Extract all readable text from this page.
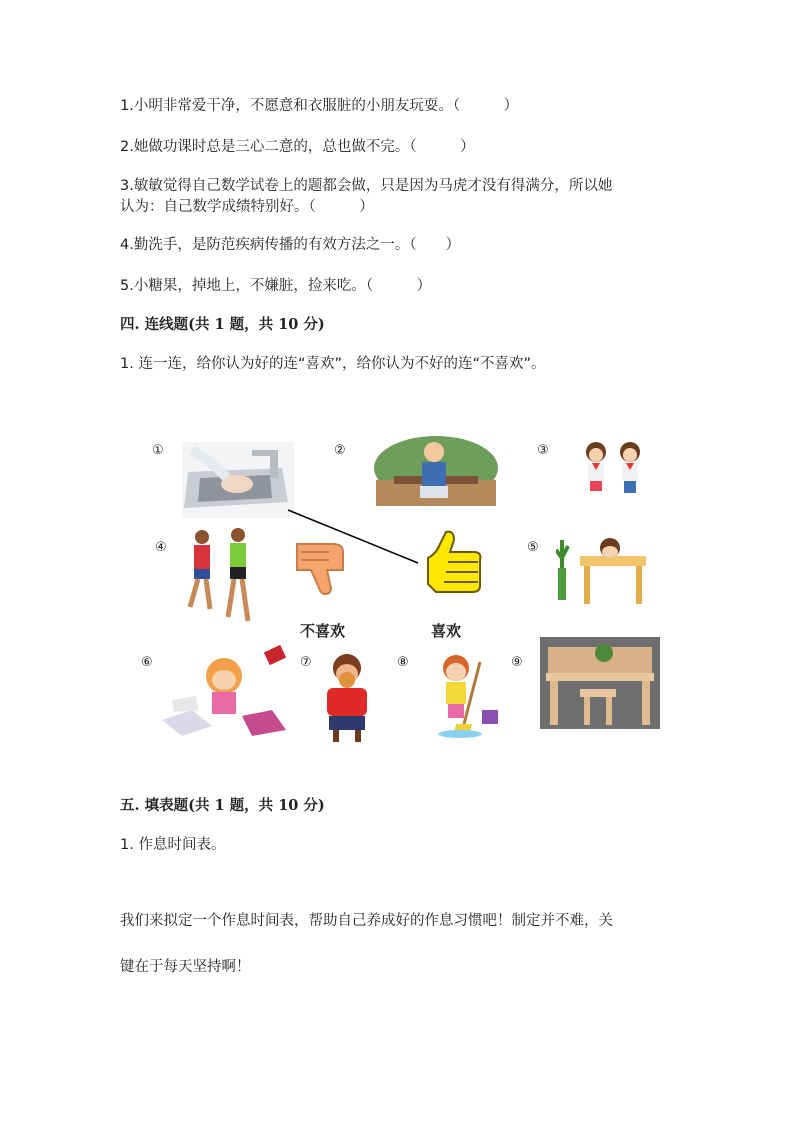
1.小明非常爱干净，不愿意和衣服脏的小朋友玩耍。（　　　）
2.她做功课时总是三心二意的，总也做不完。（　　　）
3.敏敏觉得自己数学试卷上的题都会做，只是因为马虎才没有得满分，所以她
认为：自己数学成绩特别好。（　　　）
4.勤洗手，是防范疾病传播的有效方法之一。（　　）
5.小糖果，掉地上，不嫌脏，捡来吃。（　　　）
四. 连线题(共 1 题，共 10 分)
1. 连一连，给你认为好的连“喜欢”，给你认为不好的连“不喜欢”。
①	②	③
④	⑤
⑥	⑦	⑧	⑨
不喜欢	喜欢
五. 填表题(共 1 题，共 10 分)
1. 作息时间表。
我们来拟定一个作息时间表，帮助自己养成好的作息习惯吧！制定并不难，关
键在于每天坚持啊！
